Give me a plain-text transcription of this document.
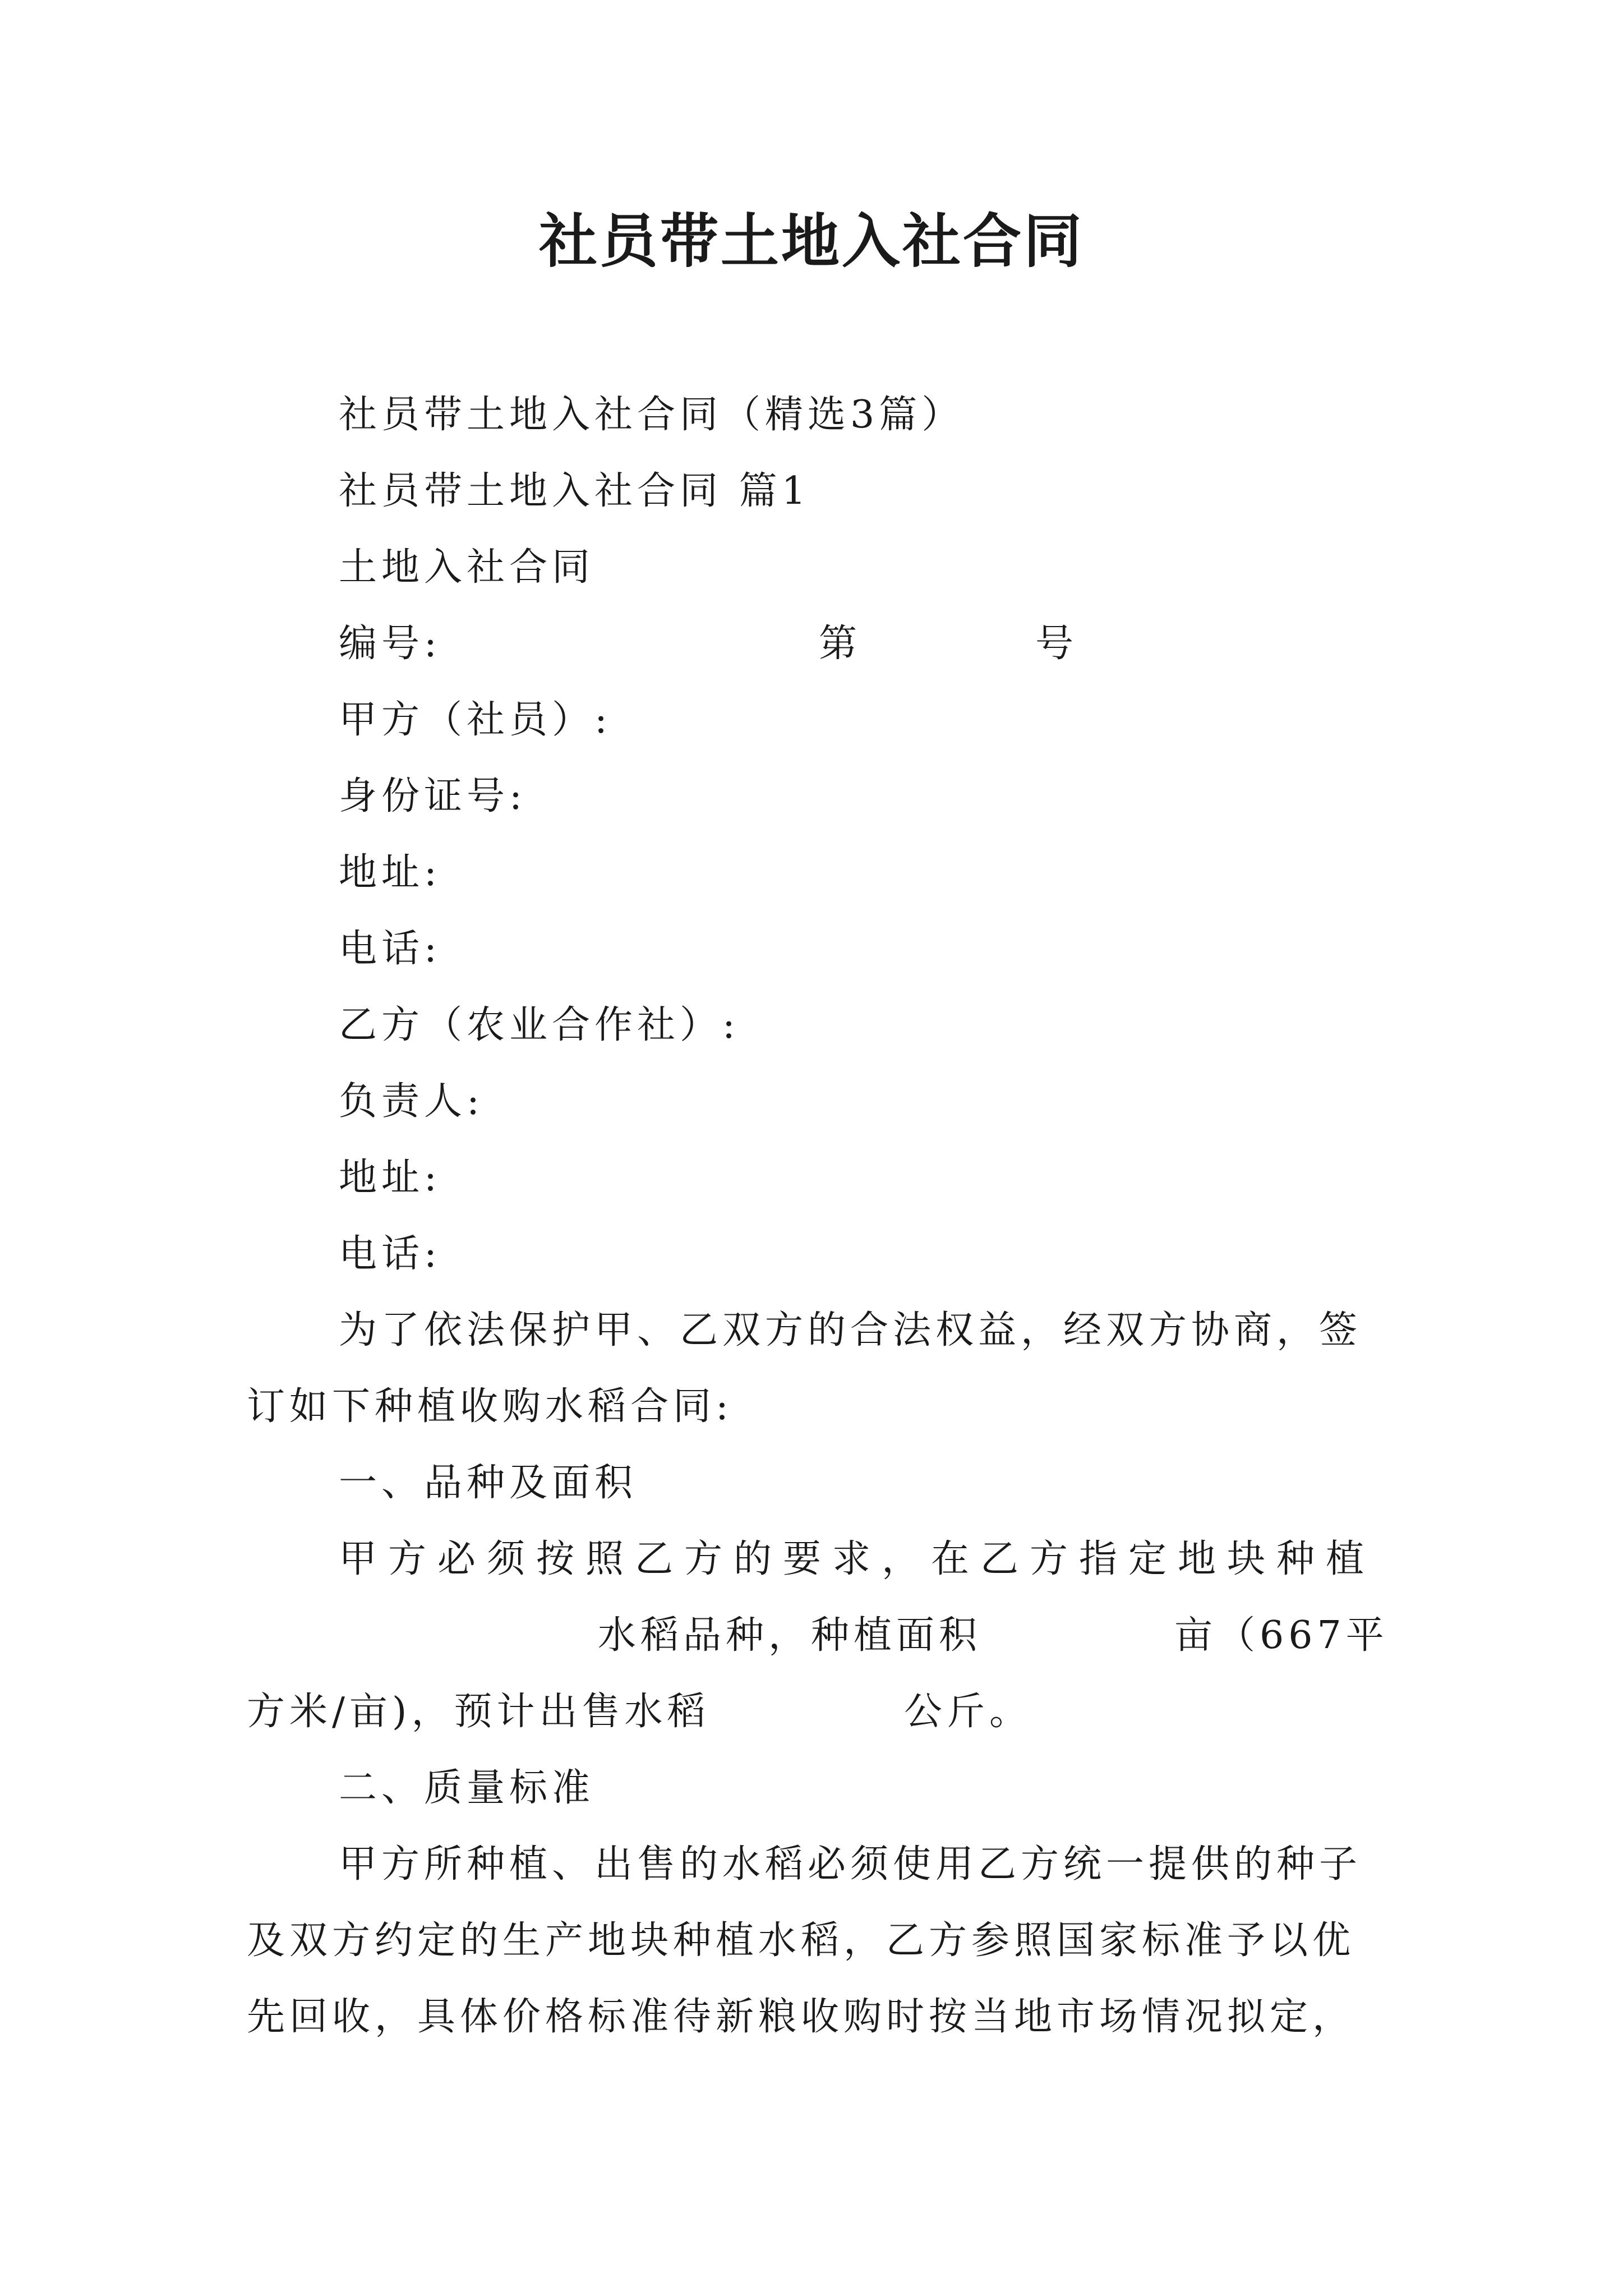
社员带土地入社合同
社员带土地入社合同（精选3篇）
社员带土地入社合同 篇1
土地入社合同
编号:	第	号
甲方（社员）:
身份证号:
地址:
电话:
乙方（农业合作社）:
负责人:
地址:
电话:
为了依法保护甲、乙双方的合法权益，经双方协商，签
订如下种植收购水稻合同:
一、品种及面积
甲方必须按照乙方的要求，在乙方指定地块种植
水稻品种，种植面积	亩（667平
方米/亩)，预计出售水稻	公斤。
二、质量标准
甲方所种植、出售的水稻必须使用乙方统一提供的种子
及双方约定的生产地块种植水稻，乙方参照国家标准予以优
先回收，具体价格标准待新粮收购时按当地市场情况拟定，
